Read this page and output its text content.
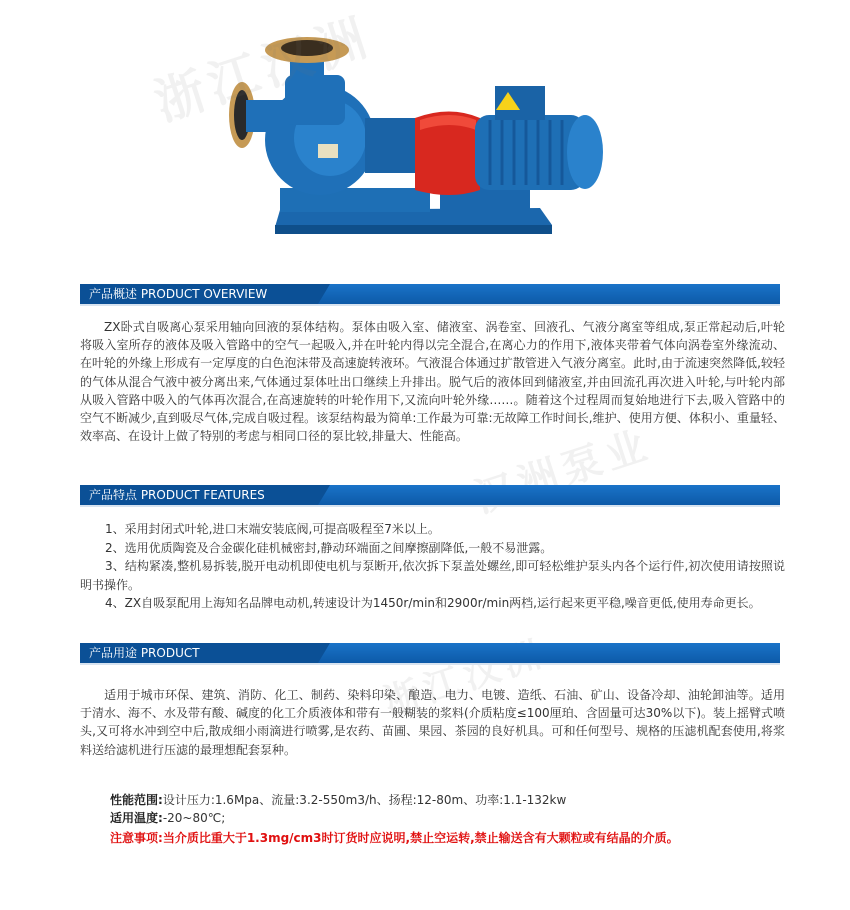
浙江汉洲
汉洲泵业
浙江汉洲
产品概述 PRODUCT OVERVIEW
ZX卧式自吸离心泵采用轴向回液的泵体结构。泵体由吸入室、储液室、涡卷室、回液孔、气液分离室等组成,泵正常起动后,叶轮将吸入室所存的液体及吸入管路中的空气一起吸入,并在叶轮内得以完全混合,在离心力的作用下,液体夹带着气体向涡卷室外缘流动、在叶轮的外缘上形成有一定厚度的白色泡沫带及高速旋转液环。气液混合体通过扩散管进入气液分离室。此时,由于流速突然降低,较轻的气体从混合气液中被分离出来,气体通过泵体吐出口继续上升排出。脱气后的液体回到储液室,并由回流孔再次进入叶轮,与叶轮内部从吸入管路中吸入的气体再次混合,在高速旋转的叶轮作用下,又流向叶轮外缘……。随着这个过程周而复始地进行下去,吸入管路中的空气不断减少,直到吸尽气体,完成自吸过程。该泵结构最为简单:工作最为可靠:无故障工作时间长,维护、使用方便、体积小、重量轻、效率高、在设计上做了特别的考虑与相同口径的泵比较,排量大、性能高。
产品特点 PRODUCT FEATURES

1、采用封闭式叶轮,进口末端安装底阀,可提高吸程至7米以上。

2、选用优质陶瓷及合金碳化硅机械密封,静动环端面之间摩擦副降低,一般不易泄露。

3、结构紧凑,整机易拆装,脱开电动机即使电机与泵断开,依次拆下泵盖处螺丝,即可轻松维护泵头内各个运行件,初次使用请按照说明书操作。

4、ZX自吸泵配用上海知名品牌电动机,转速设计为1450r/min和2900r/min两档,运行起来更平稳,噪音更低,使用寿命更长。

产品用途 PRODUCT
适用于城市环保、建筑、消防、化工、制药、染料印染、酿造、电力、电镀、造纸、石油、矿山、设备冷却、油轮卸油等。适用于清水、海不、水及带有酸、碱度的化工介质液体和带有一般糊装的浆料(介质粘度≤100厘珀、含固量可达30%以下)。装上摇臂式喷头,又可将水冲到空中后,散成细小雨滴进行喷雾,是农药、苗圃、果园、茶园的良好机具。可和任何型号、规格的压滤机配套使用,将浆料送给滤机进行压滤的最理想配套泵种。
性能范围:设计压力:1.6Mpa、流量:3.2-550m3/h、扬程:12-80m、功率:1.1-132kw
适用温度:-20~80℃;
注意事项:当介质比重大于1.3mg/cm3时订货时应说明,禁止空运转,禁止输送含有大颗粒或有结晶的介质。
